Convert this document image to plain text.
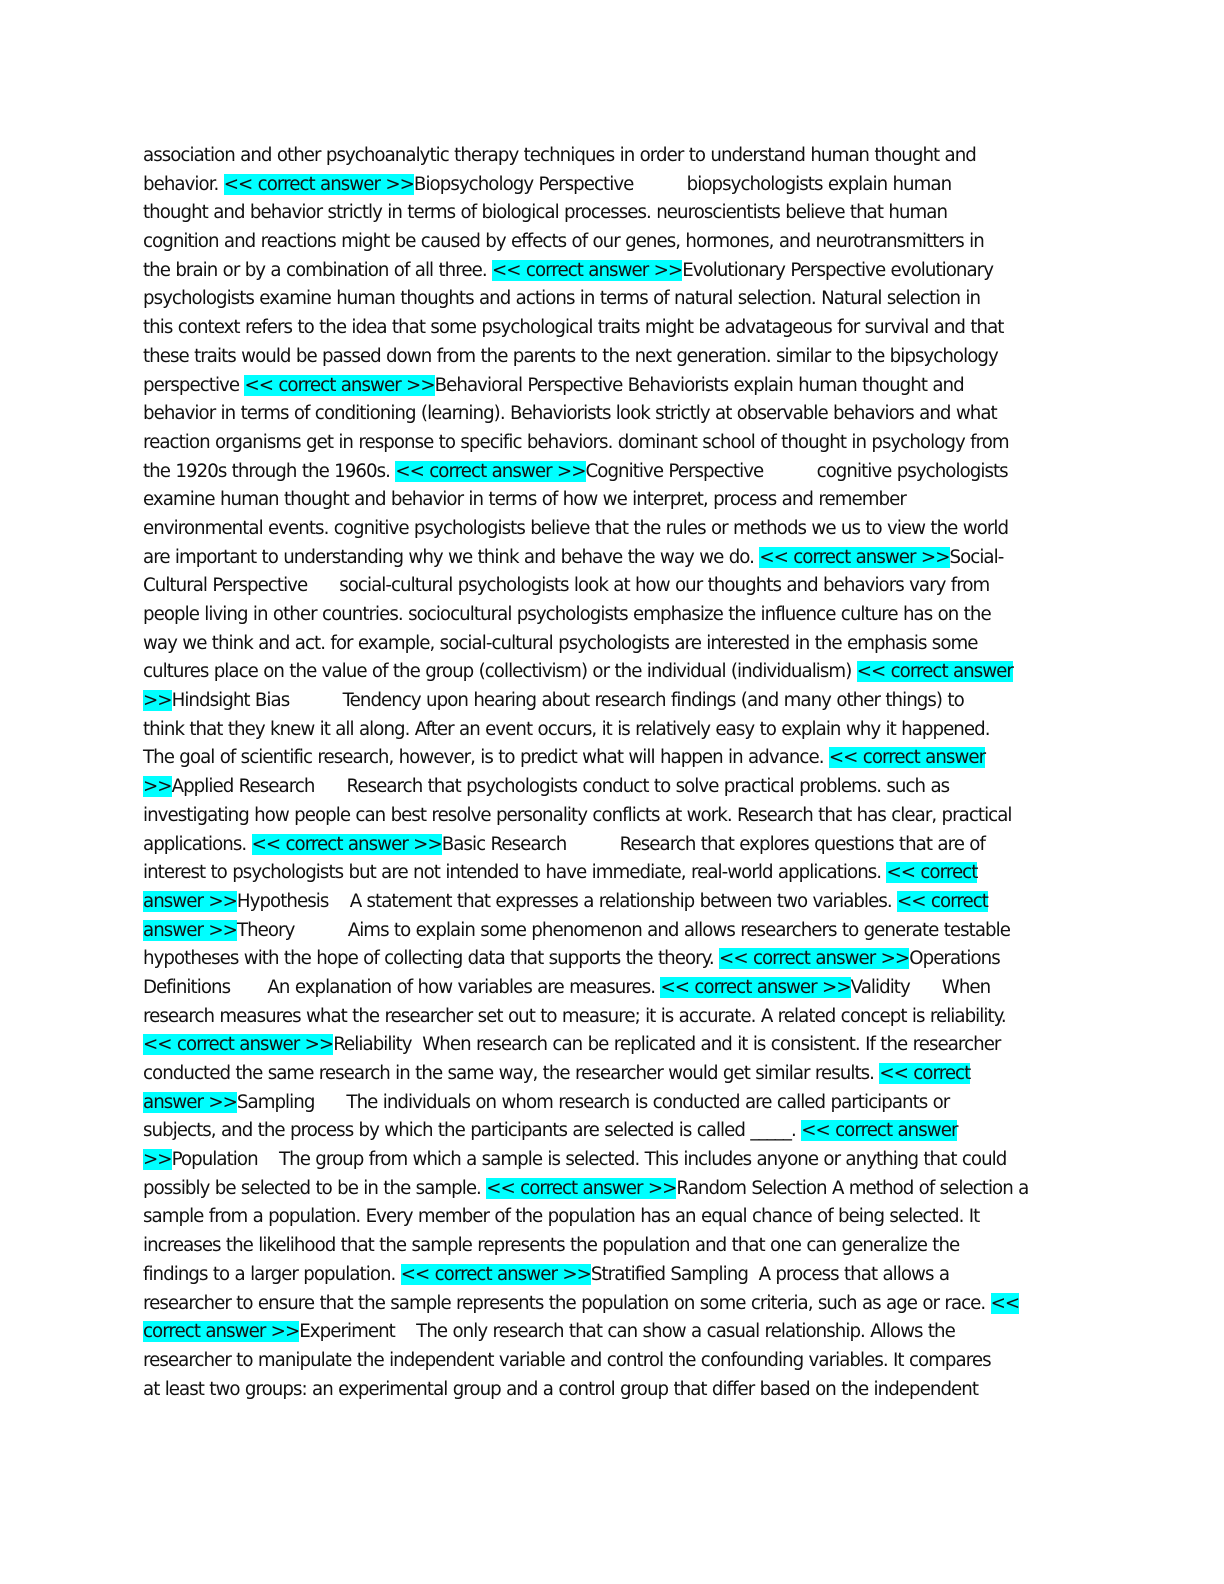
association and other psychoanalytic therapy techniques in order to understand human thought and
behavior. << correct answer >>Biopsychology Perspective          biopsychologists explain human
thought and behavior strictly in terms of biological processes. neuroscientists believe that human
cognition and reactions might be caused by effects of our genes, hormones, and neurotransmitters in
the brain or by a combination of all three. << correct answer >>Evolutionary Perspective evolutionary
psychologists examine human thoughts and actions in terms of natural selection. Natural selection in
this context refers to the idea that some psychological traits might be advatageous for survival and that
these traits would be passed down from the parents to the next generation. similar to the bipsychology
perspective << correct answer >>Behavioral Perspective Behaviorists explain human thought and
behavior in terms of conditioning (learning). Behaviorists look strictly at observable behaviors and what
reaction organisms get in response to specific behaviors. dominant school of thought in psychology from
the 1920s through the 1960s. << correct answer >>Cognitive Perspective          cognitive psychologists
examine human thought and behavior in terms of how we interpret, process and remember
environmental events. cognitive psychologists believe that the rules or methods we us to view the world
are important to understanding why we think and behave the way we do. << correct answer >>Social-
Cultural Perspective      social-cultural psychologists look at how our thoughts and behaviors vary from
people living in other countries. sociocultural psychologists emphasize the influence culture has on the
way we think and act. for example, social-cultural psychologists are interested in the emphasis some
cultures place on the value of the group (collectivism) or the individual (individualism) << correct answer
>>Hindsight Bias          Tendency upon hearing about research findings (and many other things) to
think that they knew it all along. After an event occurs, it is relatively easy to explain why it happened.
The goal of scientific research, however, is to predict what will happen in advance. << correct answer
>>Applied Research      Research that psychologists conduct to solve practical problems. such as
investigating how people can best resolve personality conflicts at work. Research that has clear, practical
applications. << correct answer >>Basic Research          Research that explores questions that are of
interest to psychologists but are not intended to have immediate, real-world applications. << correct
answer >>Hypothesis    A statement that expresses a relationship between two variables. << correct
answer >>Theory          Aims to explain some phenomenon and allows researchers to generate testable
hypotheses with the hope of collecting data that supports the theory. << correct answer >>Operations
Definitions       An explanation of how variables are measures. << correct answer >>Validity      When
research measures what the researcher set out to measure; it is accurate. A related concept is reliability.
<< correct answer >>Reliability  When research can be replicated and it is consistent. If the researcher
conducted the same research in the same way, the researcher would get similar results. << correct
answer >>Sampling      The individuals on whom research is conducted are called participants or
subjects, and the process by which the participants are selected is called _____. << correct answer
>>Population    The group from which a sample is selected. This includes anyone or anything that could
possibly be selected to be in the sample. << correct answer >>Random Selection A method of selection a
sample from a population. Every member of the population has an equal chance of being selected. It
increases the likelihood that the sample represents the population and that one can generalize the
findings to a larger population. << correct answer >>Stratified Sampling  A process that allows a
researcher to ensure that the sample represents the population on some criteria, such as age or race. <<
correct answer >>Experiment    The only research that can show a casual relationship. Allows the
researcher to manipulate the independent variable and control the confounding variables. It compares
at least two groups: an experimental group and a control group that differ based on the independent
